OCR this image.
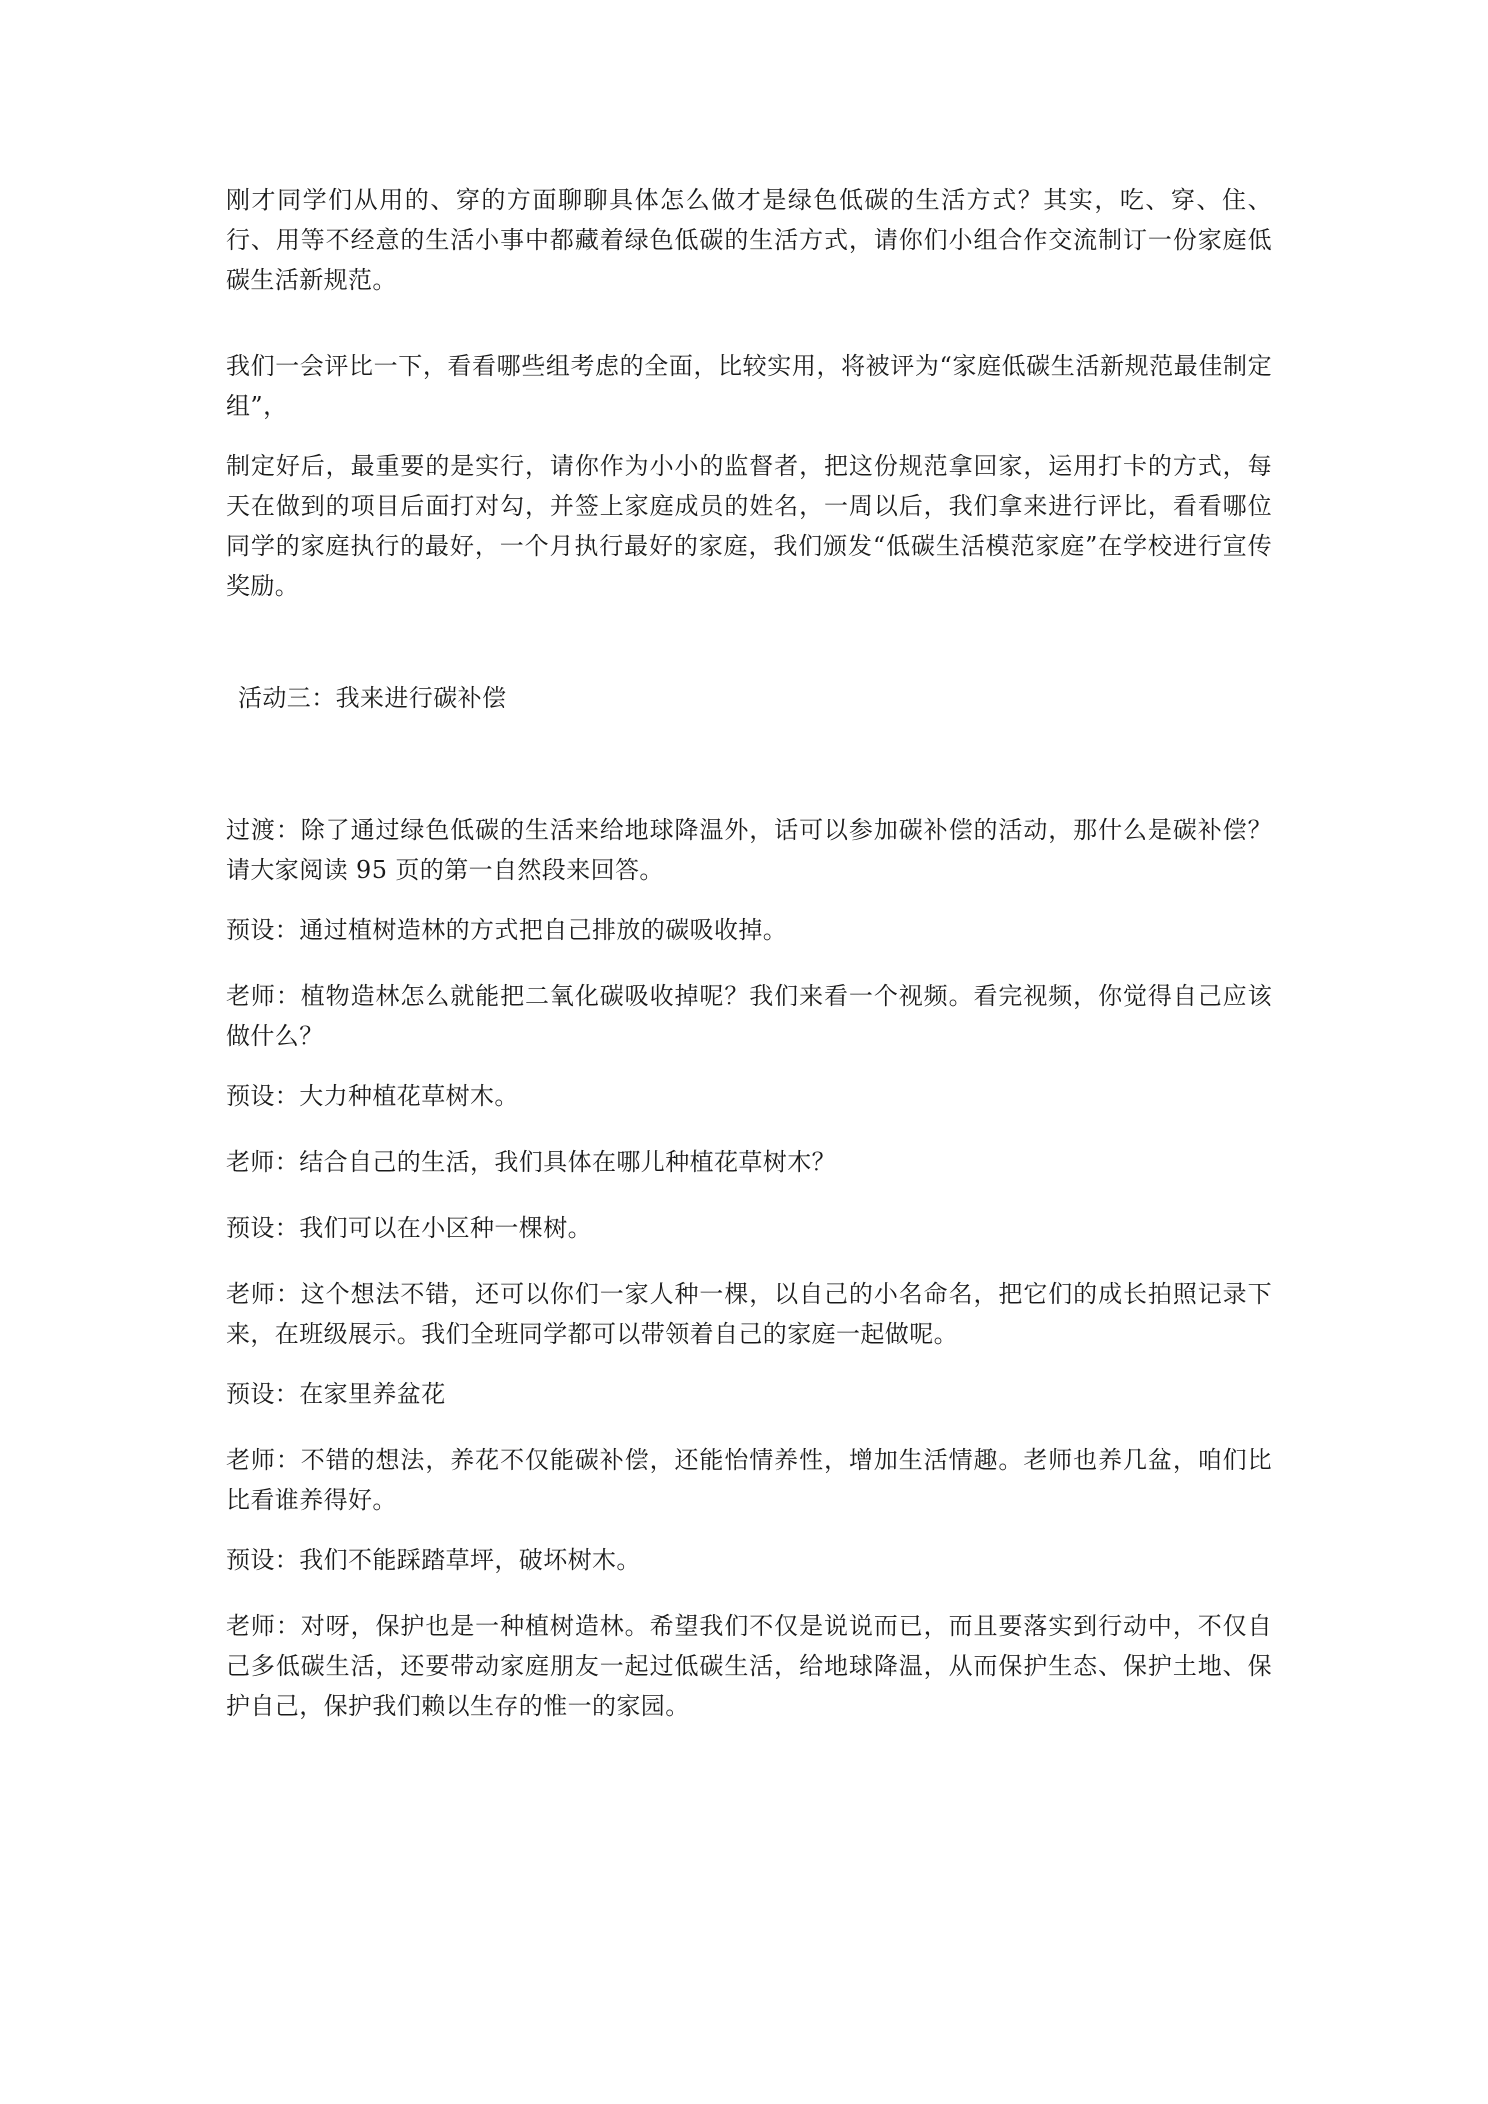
刚才同学们从用的、穿的方面聊聊具体怎么做才是绿色低碳的生活方式？其实，吃、穿、住、行、用等不经意的生活小事中都藏着绿色低碳的生活方式，请你们小组合作交流制订一份家庭低碳生活新规范。

我们一会评比一下，看看哪些组考虑的全面，比较实用，将被评为“家庭低碳生活新规范最佳制定组”，

制定好后，最重要的是实行，请你作为小小的监督者，把这份规范拿回家，运用打卡的方式，每天在做到的项目后面打对勾，并签上家庭成员的姓名，一周以后，我们拿来进行评比，看看哪位同学的家庭执行的最好，一个月执行最好的家庭，我们颁发“低碳生活模范家庭”在学校进行宣传奖励。

活动三：我来进行碳补偿

过渡：除了通过绿色低碳的生活来给地球降温外，话可以参加碳补偿的活动，那什么是碳补偿？请大家阅读 95 页的第一自然段来回答。

预设：通过植树造林的方式把自己排放的碳吸收掉。

老师：植物造林怎么就能把二氧化碳吸收掉呢？我们来看一个视频。看完视频，你觉得自己应该做什么？

预设：大力种植花草树木。

老师：结合自己的生活，我们具体在哪儿种植花草树木？

预设：我们可以在小区种一棵树。

老师：这个想法不错，还可以你们一家人种一棵，以自己的小名命名，把它们的成长拍照记录下来，在班级展示。我们全班同学都可以带领着自己的家庭一起做呢。

预设：在家里养盆花

老师：不错的想法，养花不仅能碳补偿，还能怡情养性，增加生活情趣。老师也养几盆，咱们比比看谁养得好。

预设：我们不能踩踏草坪，破坏树木。

老师：对呀，保护也是一种植树造林。希望我们不仅是说说而已，而且要落实到行动中，不仅自己多低碳生活，还要带动家庭朋友一起过低碳生活，给地球降温，从而保护生态、保护土地、保护自己，保护我们赖以生存的惟一的家园。
